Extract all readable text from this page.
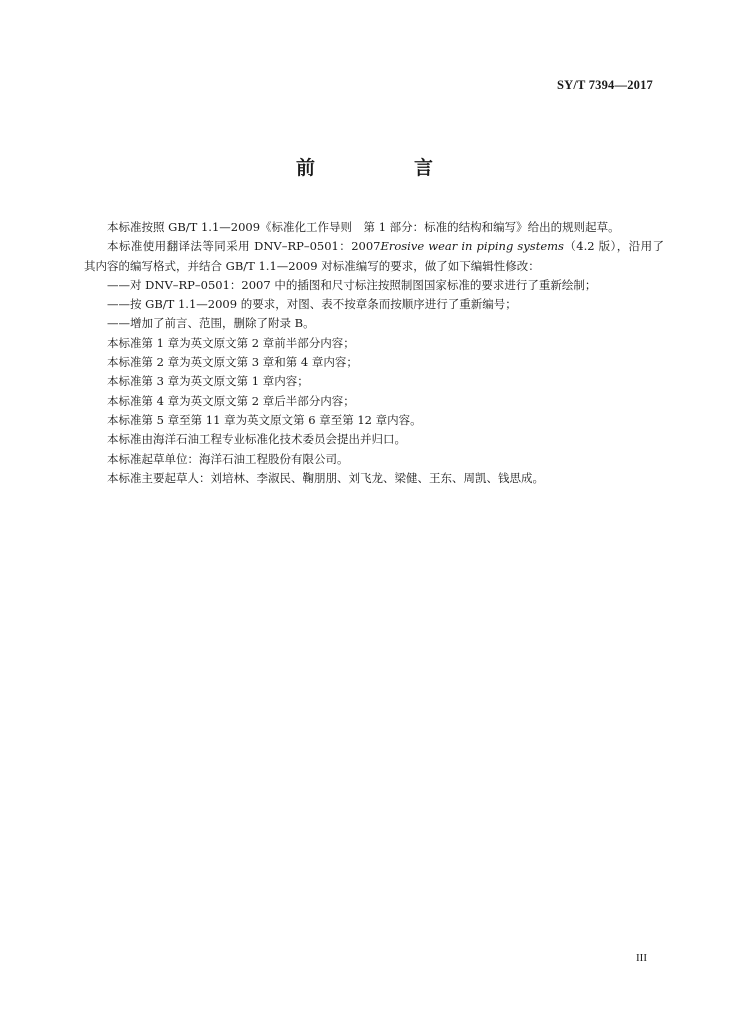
SY/T 7394—2017
前　言

本标准按照 GB/T 1.1—2009《标准化工作导则　第 1 部分：标准的结构和编写》给出的规则起草。

本标准使用翻译法等同采用 DNV–RP–0501：2007Erosive wear in piping systems（4.2 版），沿用了其内容的编写格式，并结合 GB/T 1.1—2009 对标准编写的要求，做了如下编辑性修改：

——对 DNV–RP–0501：2007 中的插图和尺寸标注按照制图国家标准的要求进行了重新绘制；

——按 GB/T 1.1—2009 的要求，对图、表不按章条而按顺序进行了重新编号；

——增加了前言、范围，删除了附录 B。

本标准第 1 章为英文原文第 2 章前半部分内容；

本标准第 2 章为英文原文第 3 章和第 4 章内容；

本标准第 3 章为英文原文第 1 章内容；

本标准第 4 章为英文原文第 2 章后半部分内容；

本标准第 5 章至第 11 章为英文原文第 6 章至第 12 章内容。

本标准由海洋石油工程专业标准化技术委员会提出并归口。

本标准起草单位：海洋石油工程股份有限公司。

本标准主要起草人：刘培林、李淑民、鞠朋朋、刘飞龙、梁健、王东、周凯、钱思成。

III
